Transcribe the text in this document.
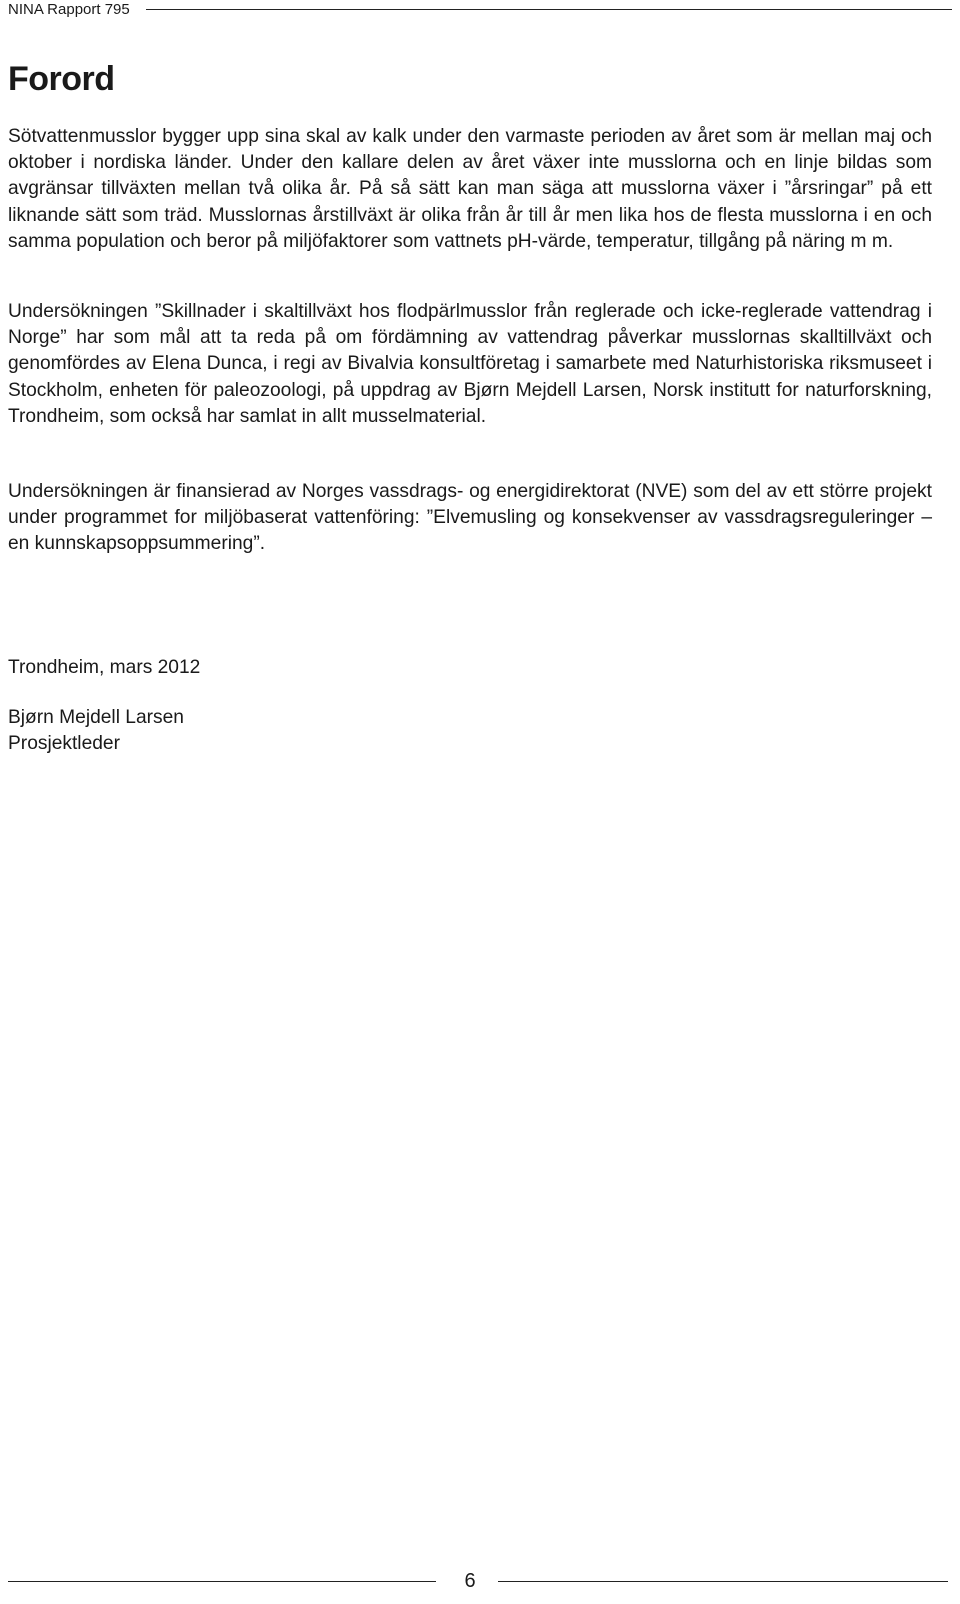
NINA Rapport 795
Forord

Sötvattenmusslor bygger upp sina skal av kalk under den varmaste perioden av året som är mellan maj och oktober i nordiska länder. Under den kallare delen av året växer inte musslorna och en linje bildas som avgränsar tillväxten mellan två olika år. På så sätt kan man säga att musslorna växer i ”årsringar” på ett liknande sätt som träd. Musslornas årstillväxt är olika från år till år men lika hos de flesta musslorna i en och samma population och beror på miljöfaktorer som vattnets pH-värde, temperatur, tillgång på näring m m.

Undersökningen ”Skillnader i skaltillväxt hos flodpärlmusslor från reglerade och icke-reglerade vattendrag i Norge” har som mål att ta reda på om fördämning av vattendrag påverkar musslornas skalltillväxt och genomfördes av Elena Dunca, i regi av Bivalvia konsultföretag i samarbete med Naturhistoriska riksmuseet i Stockholm, enheten för paleozoologi, på uppdrag av Bjørn Mejdell Larsen, Norsk institutt for naturforskning, Trondheim, som också har samlat in allt musselmaterial.

Undersökningen är finansierad av Norges vassdrags- og energidirektorat (NVE) som del av ett större projekt under programmet for miljöbaserat vattenföring: ”Elvemusling og konsekvenser av vassdragsreguleringer – en kunnskapsoppsummering”.

Trondheim, mars 2012

Bjørn Mejdell Larsen

Prosjektleder

6
